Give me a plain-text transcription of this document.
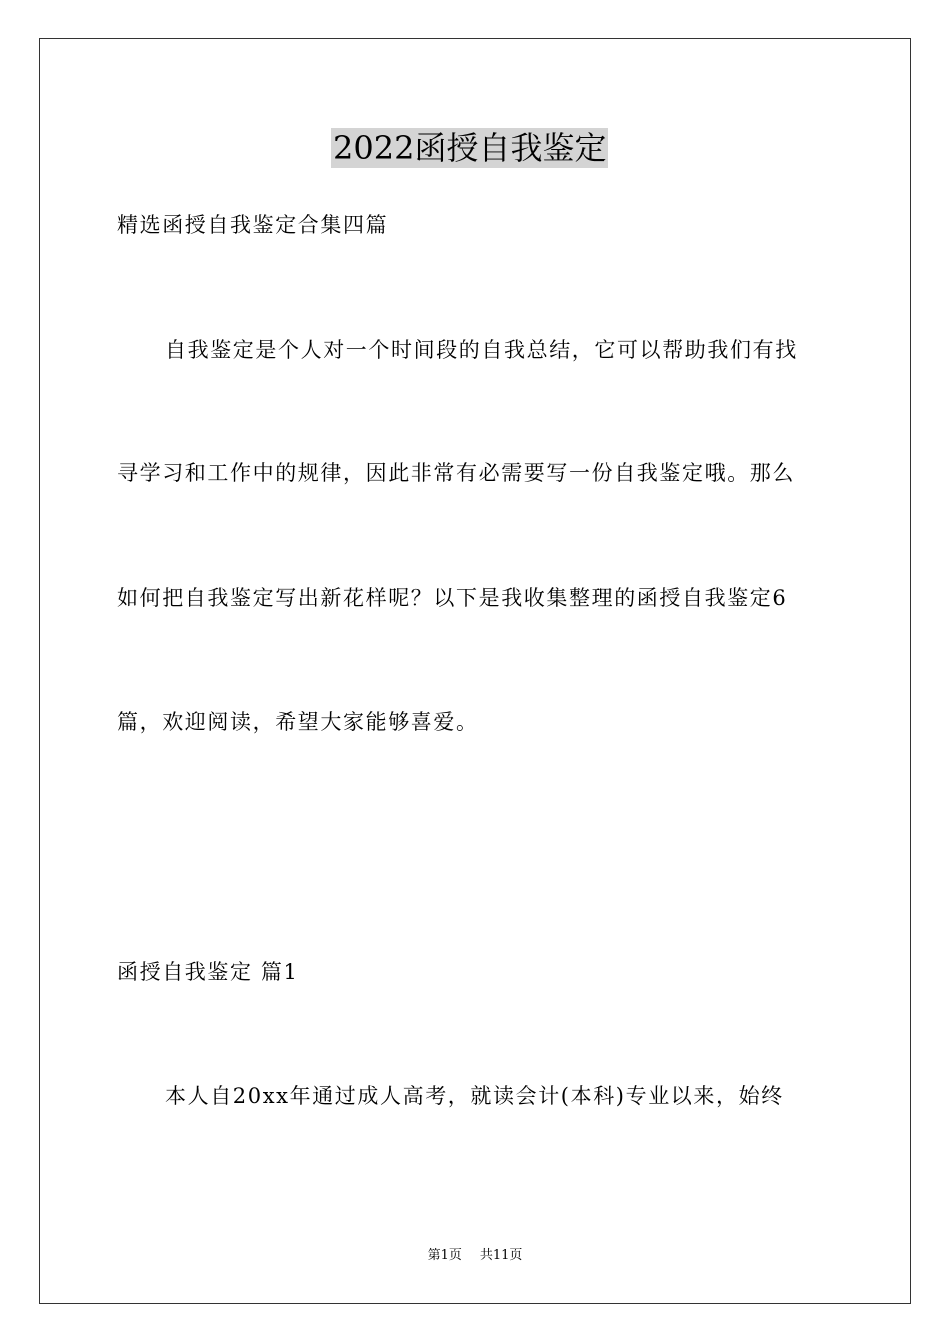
2022函授自我鉴定
精选函授自我鉴定合集四篇
自我鉴定是个人对一个时间段的自我总结，它可以帮助我们有找
寻学习和工作中的规律，因此非常有必需要写一份自我鉴定哦。那么
如何把自我鉴定写出新花样呢？以下是我收集整理的函授自我鉴定6
篇，欢迎阅读，希望大家能够喜爱。
函授自我鉴定 篇1
本人自20xx年通过成人高考，就读会计(本科)专业以来，始终
第1页 共11页
